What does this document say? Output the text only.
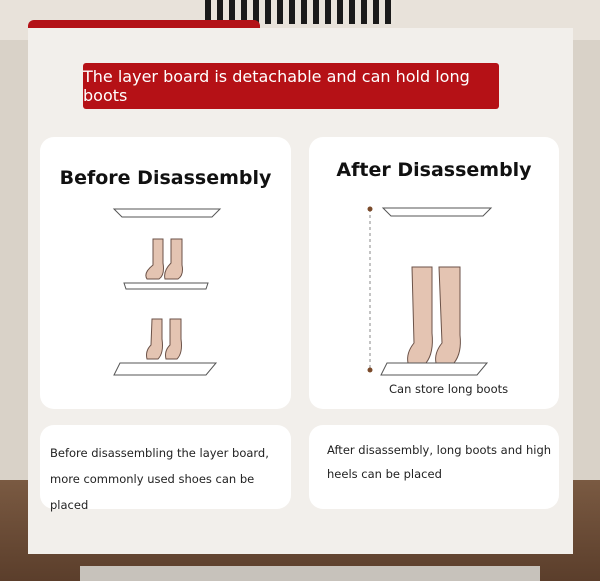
The layer board is detachable and can hold long boots
Before Disassembly	After Disassembly
Can store long boots
Before disassembling the layer board,
more commonly used shoes can be placed
After disassembly, long boots and high
heels can be placed
